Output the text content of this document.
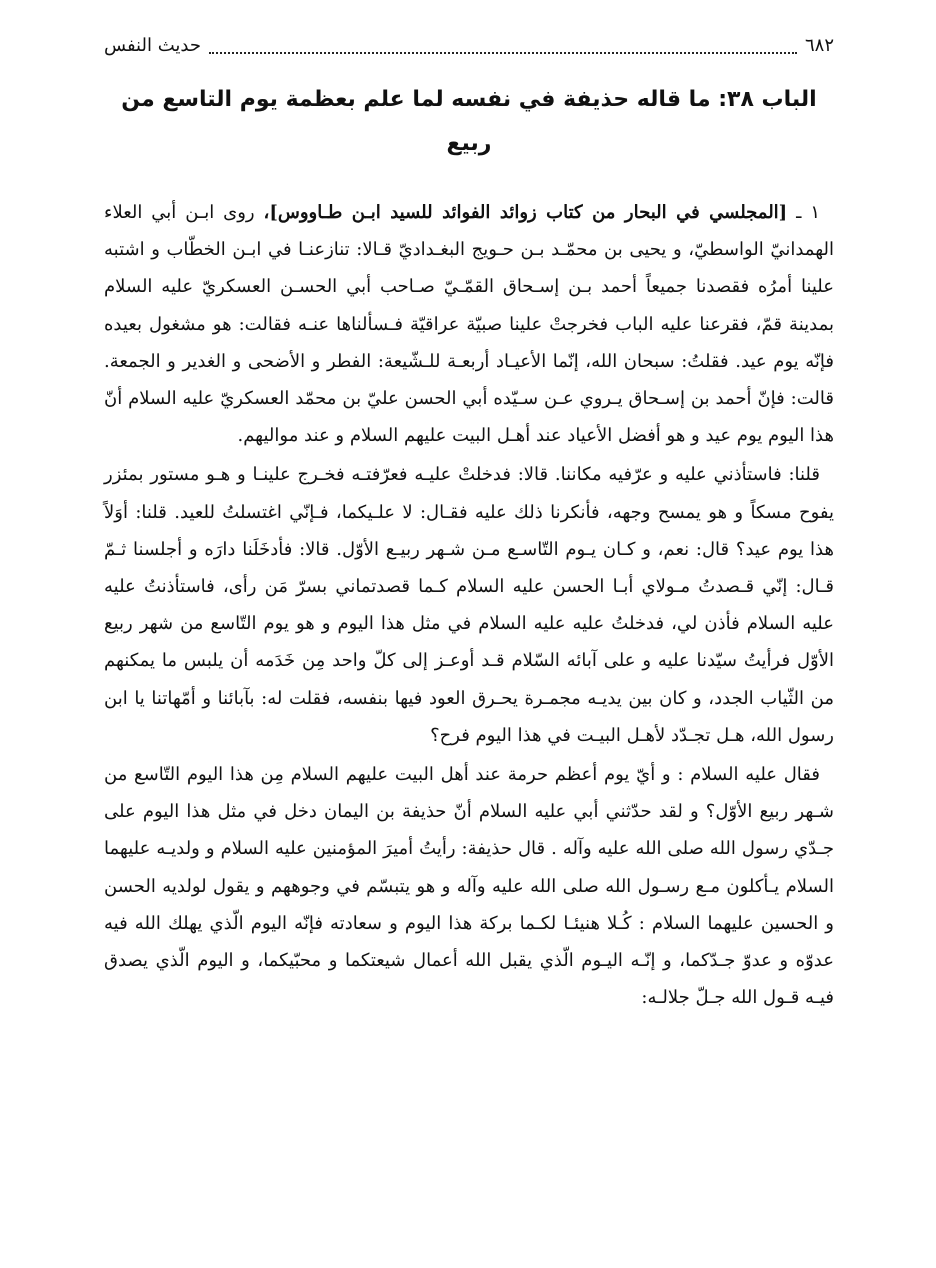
٦٨٢
حديث النفس
الباب ٣٨: ما قاله حذيفة في نفسه لما علم بعظمة يوم التاسع من ربيع

١ ـ [المجلسي في البحار من كتاب زوائد الفوائد للسيد ابـن طـاووس]، روى ابـن أبي العلاء الهمدانيّ الواسطيّ، و يحيى بن محمّـد بـن حـويج البغـداديّ قـالا: تنازعنـا في ابـن الخطّاب و اشتبه علينا أمرُه فقصدنا جميعاً أحمد بـن إسـحاق القمّـيّ صـاحب أبي الحسـن العسكريّ عليه السلام بمدينة قمّ، فقرعنا عليه الباب فخرجتْ علينا صبيّة عراقيّة فـسألناها عنـه فقالت: هو مشغول بعيده فإنّه يوم عيد. فقلتُ: سبحان الله، إنّما الأعيـاد أربعـة للـشّيعة: الفطر و الأضحى و الغدير و الجمعة. قالت: فإنّ أحمد بن إسـحاق يـروي عـن سـيّده أبي الحسن عليّ بن محمّد العسكريّ عليه السلام أنّ هذا اليوم يوم عيد و هو أفضل الأعياد عند أهـل البيت عليهم السلام و عند مواليهم.

قلنا: فاستأذني عليه و عرّفيه مكاننا. قالا: فدخلتْ عليـه فعرّفتـه فخـرج علينـا و هـو مستور بمئزر يفوح مسكاً و هو يمسح وجهه، فأنكرنا ذلك عليه فقـال: لا علـيكما، فـإنّي اغتسلتُ للعيد. قلنا: أوَلاً هذا يوم عيد؟ قال: نعم، و كـان يـوم التّاسـع مـن شـهر ربيـع الأوّل. قالا: فأدخَلَنا دارَه و أجلسنا ثـمّ قـال: إنّي قـصدتُ مـولاي أبـا الحسن عليه السلام كـما قصدتماني بسرّ مَن رأى، فاستأذنتُ عليه عليه السلام فأذن لي، فدخلتُ عليه عليه السلام في مثل هذا اليوم و هو يوم التّاسع من شهر ربيع الأوّل فرأيتُ سيّدنا عليه و على آبائه السّلام قـد أوعـز إلى كلّ واحد مِن خَدَمه أن يلبس ما يمكنهم من الثّياب الجدد، و كان بين يديـه مجمـرة يحـرق العود فيها بنفسه، فقلت له: بآبائنا و أمّهاتنا يا ابن رسول الله، هـل تجـدّد لأهـل البيـت في هذا اليوم فرح؟

فقال عليه السلام : و أيّ يوم أعظم حرمة عند أهل البيت عليهم السلام مِن هذا اليوم التّاسع من شـهر ربيع الأوّل؟ و لقد حدّثني أبي عليه السلام أنّ حذيفة بن اليمان دخل في مثل هذا اليوم على جـدّي رسول الله صلى الله عليه وآله . قال حذيفة: رأيتُ أميرَ المؤمنين عليه السلام و ولديـه عليهما السلام يـأكلون مـع رسـول الله صلى الله عليه وآله و هو يتبسّم في وجوههم و يقول لولديه الحسن و الحسين عليهما السلام : كُـلا هنيئـا لكـما بركة هذا اليوم و سعادته فإنّه اليوم الّذي يهلك الله فيه عدوّه و عدوّ جـدّكما، و إنّـه اليـوم الّذي يقبل الله أعمال شيعتكما و محبّيكما، و اليوم الّذي يصدق فيـه قـول الله جـلّ جلالـه:
